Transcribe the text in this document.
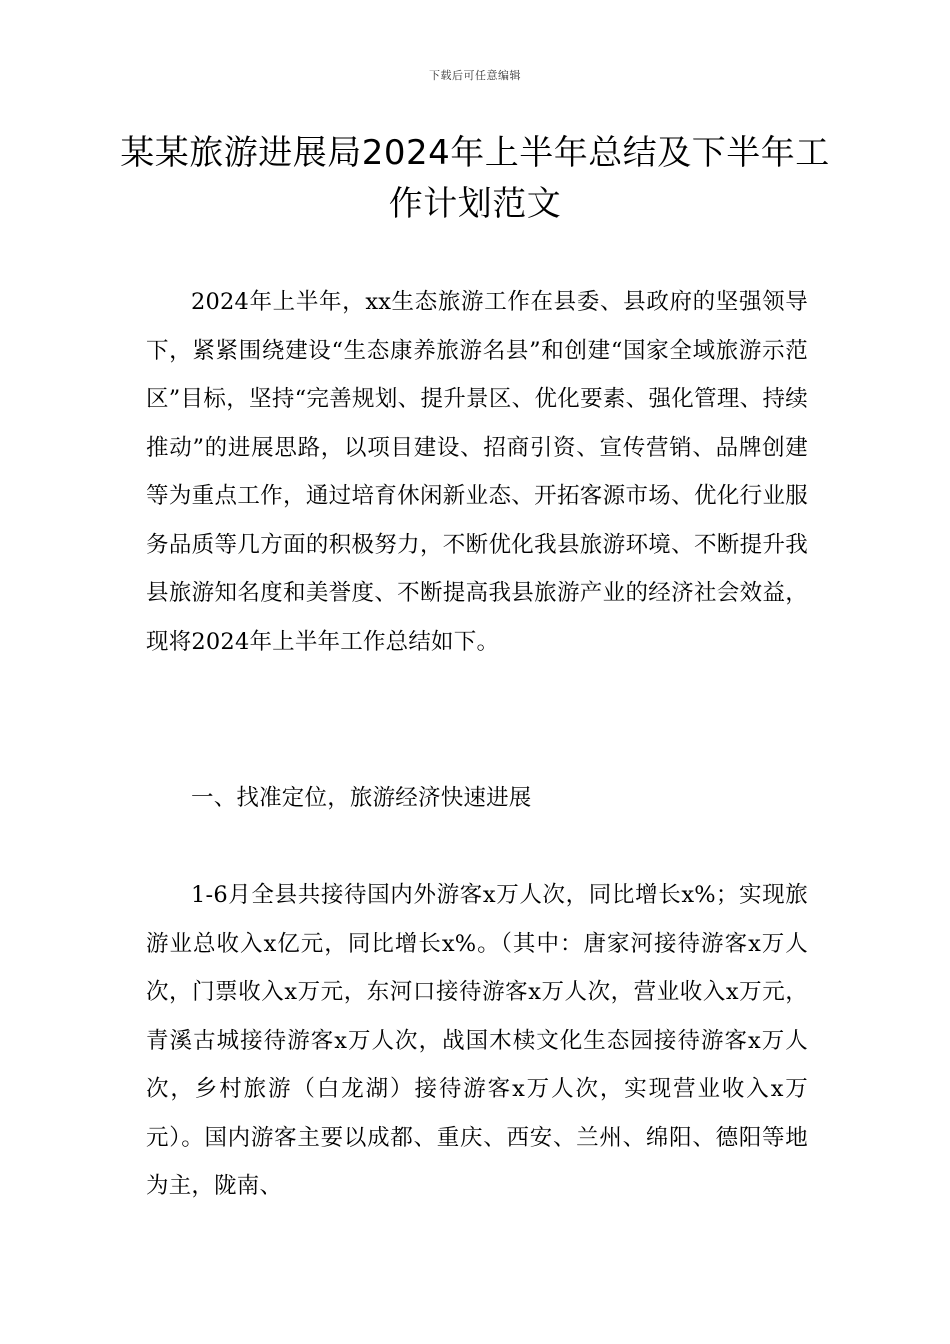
下载后可任意编辑
某某旅游进展局2024年上半年总结及下半年工作计划范文

2024年上半年，xx生态旅游工作在县委、县政府的坚强领导下，紧紧围绕建设“生态康养旅游名县”和创建“国家全域旅游示范区”目标，坚持“完善规划、提升景区、优化要素、强化管理、持续推动”的进展思路，以项目建设、招商引资、宣传营销、品牌创建等为重点工作，通过培育休闲新业态、开拓客源市场、优化行业服务品质等几方面的积极努力，不断优化我县旅游环境、不断提升我县旅游知名度和美誉度、不断提高我县旅游产业的经济社会效益，现将2024年上半年工作总结如下。

一、找准定位，旅游经济快速进展

1-6月全县共接待国内外游客x万人次，同比增长x%；实现旅游业总收入x亿元，同比增长x%。（其中：唐家河接待游客x万人次，门票收入x万元，东河口接待游客x万人次，营业收入x万元，青溪古城接待游客x万人次，战国木椟文化生态园接待游客x万人次，乡村旅游（白龙湖）接待游客x万人次，实现营业收入x万元）。国内游客主要以成都、重庆、西安、兰州、绵阳、德阳等地为主，陇南、
